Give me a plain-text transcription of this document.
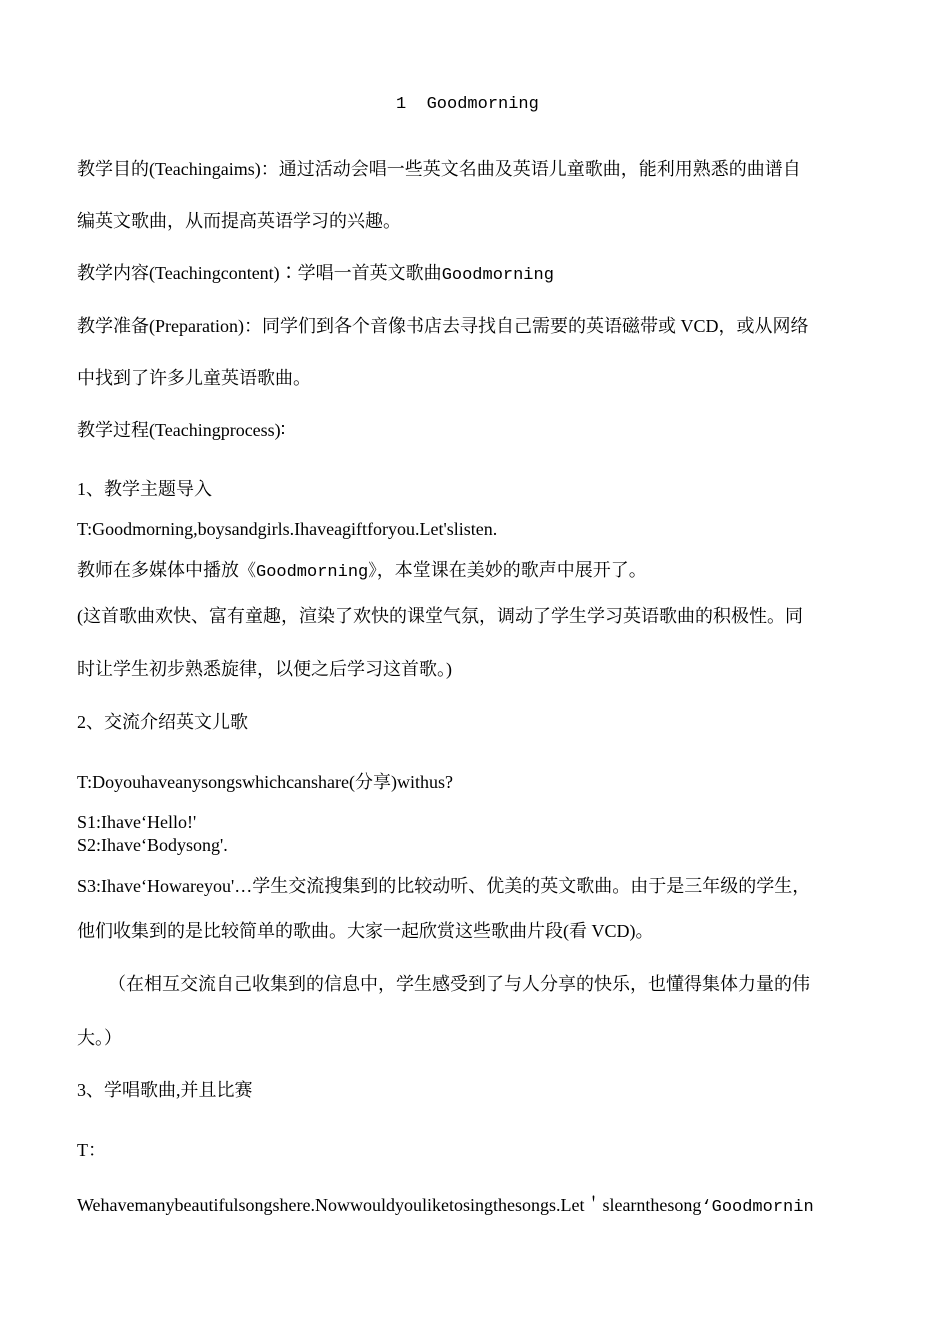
1 Goodmorning
教学目的(Teachingaims)：通过活动会唱一些英文名曲及英语儿童歌曲，能利用熟悉的曲谱自
编英文歌曲，从而提高英语学习的兴趣。
教学内容(Teachingcontent)∶学唱一首英文歌曲Goodmorning
教学准备(Preparation)：同学们到各个音像书店去寻找自己需要的英语磁带或 VCD，或从网络
中找到了许多儿童英语歌曲。
教学过程(Teachingprocess)∶
1、教学主题导入
T:Goodmorning,boysandgirls.Ihaveagiftforyou.Let'slisten.
教师在多媒体中播放《Goodmorning》，本堂课在美妙的歌声中展开了。
(这首歌曲欢快、富有童趣，渲染了欢快的课堂气氛，调动了学生学习英语歌曲的积极性。同
时让学生初步熟悉旋律，以便之后学习这首歌。)
2、交流介绍英文儿歌
T:Doyouhaveanysongswhichcanshare(分享)withus?
S1:Ihave‘Hello!'
S2:Ihave‘Bodysong'.
S3:Ihave‘Howareyou'…学生交流搜集到的比较动听、优美的英文歌曲。由于是三年级的学生，
他们收集到的是比较简单的歌曲。大家一起欣赏这些歌曲片段(看 VCD)。
（在相互交流自己收集到的信息中，学生感受到了与人分享的快乐，也懂得集体力量的伟
大。）
3、学唱歌曲,并且比赛
T：
Wehavemanybeautifulsongshere.Nowwouldyouliketosingthesongs.Let＇slearnthesong‘Goodmornin
